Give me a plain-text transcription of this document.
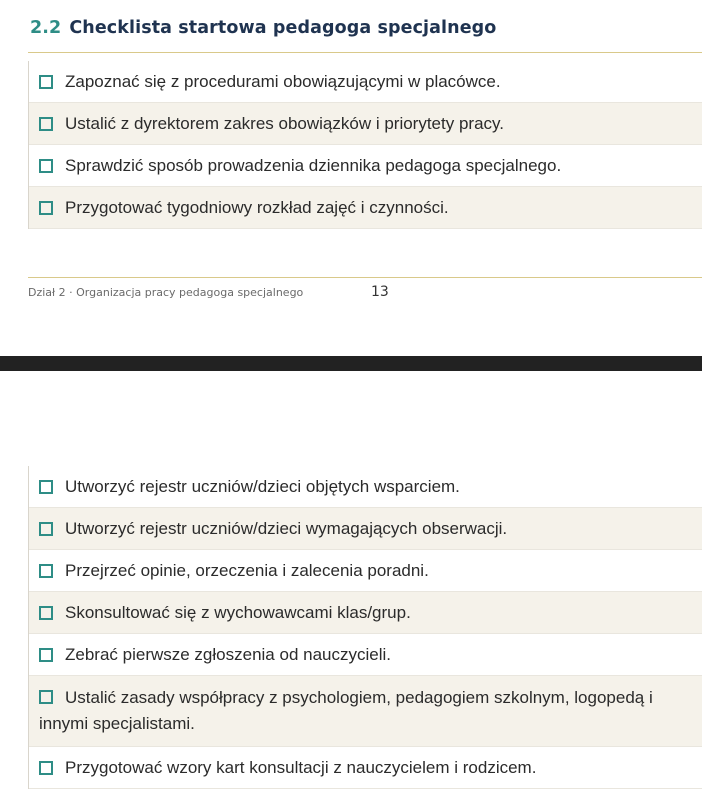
2.2 Checklista startowa pedagoga specjalnego
Zapoznać się z procedurami obowiązującymi w placówce.
Ustalić z dyrektorem zakres obowiązków i priorytety pracy.
Sprawdzić sposób prowadzenia dziennika pedagoga specjalnego.
Przygotować tygodniowy rozkład zajęć i czynności.
Dział 2 · Organizacja pracy pedagoga specjalnego	13
Utworzyć rejestr uczniów/dzieci objętych wsparciem.
Utworzyć rejestr uczniów/dzieci wymagających obserwacji.
Przejrzeć opinie, orzeczenia i zalecenia poradni.
Skonsultować się z wychowawcami klas/grup.
Zebrać pierwsze zgłoszenia od nauczycieli.
Ustalić zasady współpracy z psychologiem, pedagogiem szkolnym, logopedą i innymi specjalistami.
Przygotować wzory kart konsultacji z nauczycielem i rodzicem.
